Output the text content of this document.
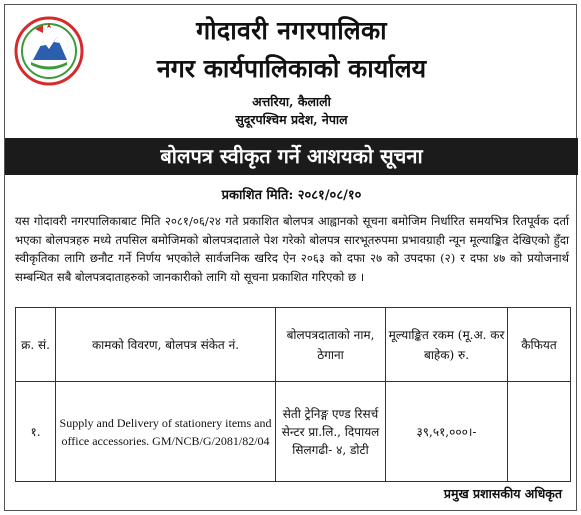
गोदावरी नगरपालिका
नगर कार्यपालिकाको कार्यालय
अत्तरिया, कैलाली
सुदूरपश्चिम प्रदेश, नेपाल
बोलपत्र स्वीकृत गर्ने आशयको सूचना
प्रकाशित मिति: २०८१/०८/१०

यस गोदावरी नगरपालिकाबाट मिति २०८१/०६/२४ गते प्रकाशित बोलपत्र आह्वानको सूचना बमोजिम निर्धारित समयभित्र रितपूर्वक दर्ता भएका बोलपत्रहरु मध्ये तपसिल बमोजिमको बोलपत्रदाताले पेश गरेको बोलपत्र सारभूतरुपमा प्रभावग्राही न्यून मूल्याङ्कित देखिएको हुँदा स्वीकृतिका लागि छनौट गर्ने निर्णय भएकोले सार्वजनिक खरिद ऐन २०६३ को दफा २७ को उपदफा (२) र दफा ४७ को प्रयोजनार्थ सम्बन्धित सबै बोलपत्रदाताहरुको जानकारीको लागि यो सूचना प्रकाशित गरिएको छ ।

क्र. सं.	कामको विवरण, बोलपत्र संकेत नं.	बोलपत्रदाताको नाम, ठेगाना	मूल्याङ्कित रकम (मू.अ. कर बाहेक) रु.	कैफियत
१.	Supply and Delivery of stationery items and office accessories. GM/NCB/G/2081/82/04	सेती ट्रेनिङ्ग एण्ड रिसर्च सेन्टर प्रा.लि., दिपायल सिलगढी- ४, डोटी	३९,५१,०००।-	
प्रमुख प्रशासकीय अधिकृत
